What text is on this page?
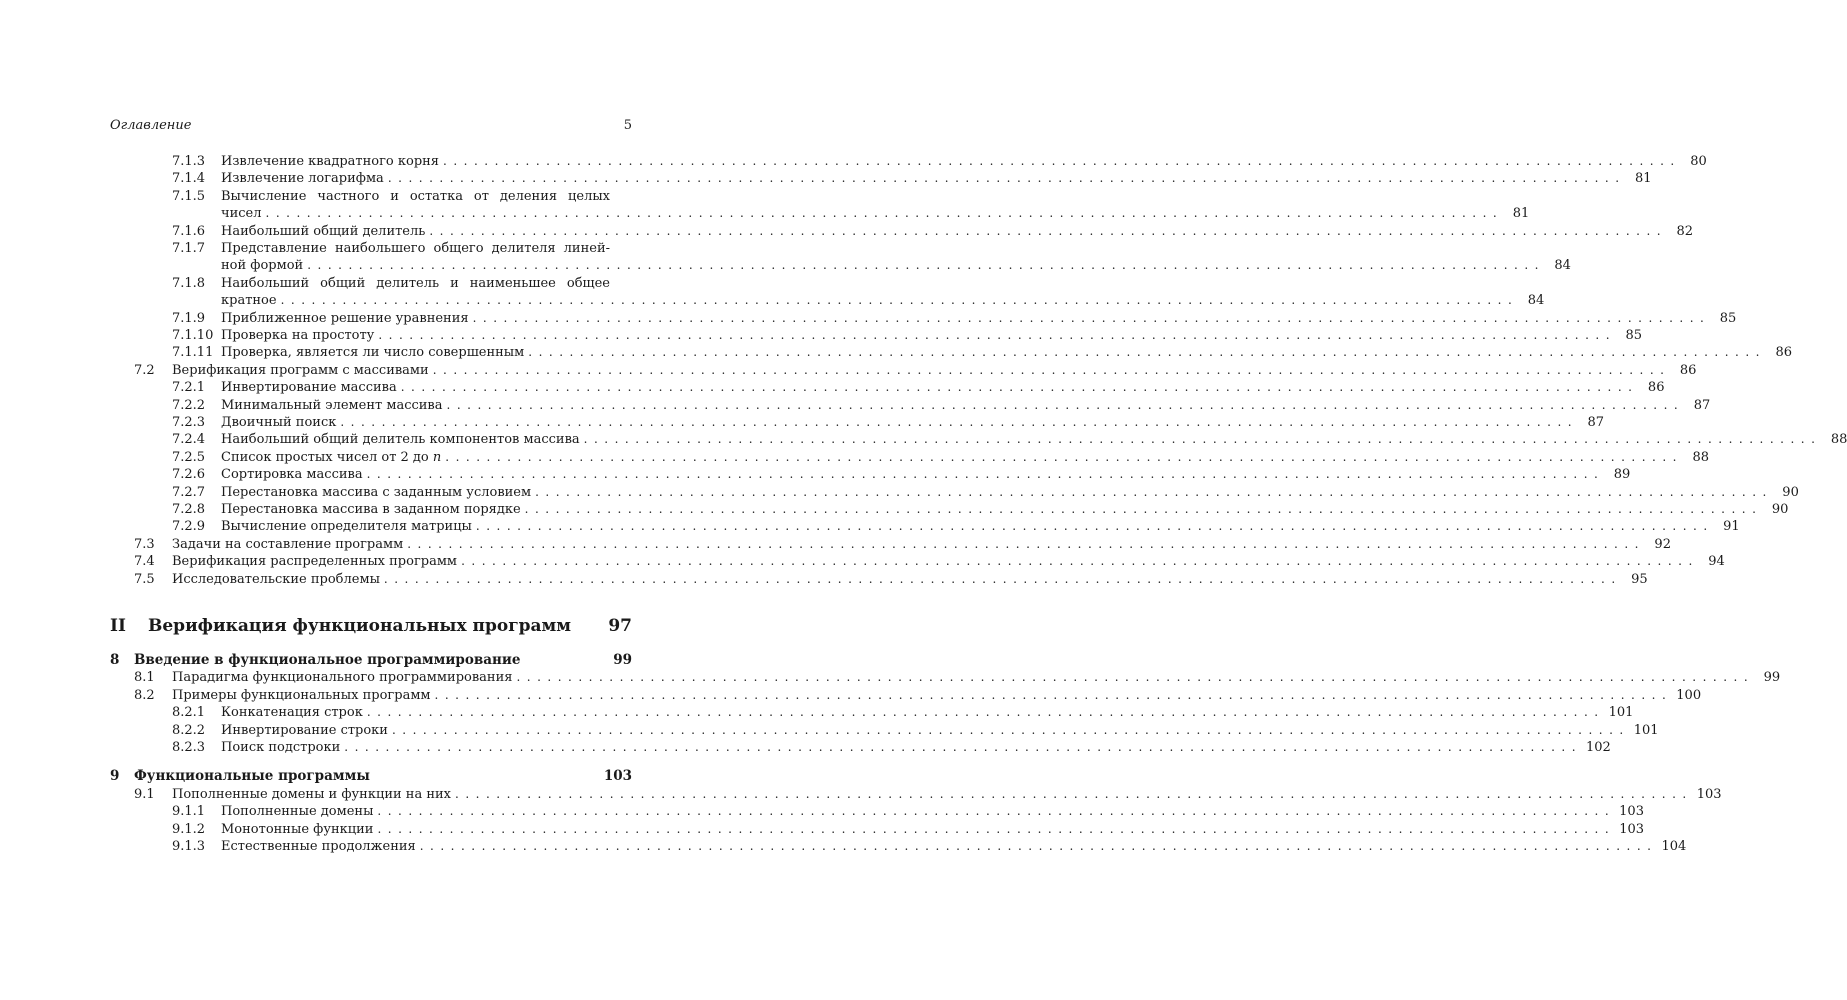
Оглавление	5
7.1.3 Извлечение квадратного корня ........................................................................................................................ 80
7.1.4 Извлечение логарифма ........................................................................................................................ 81
7.1.5 Вычисление частного и остатка от деления целых
чисел ........................................................................................................................ 81
7.1.6 Наибольший общий делитель ........................................................................................................................ 82
7.1.7 Представление наибольшего общего делителя линей-
ной формой ........................................................................................................................ 84
7.1.8 Наибольший общий делитель и наименьшее общее
кратное ........................................................................................................................ 84
7.1.9 Приближенное решение уравнения ........................................................................................................................ 85
7.1.10 Проверка на простоту ........................................................................................................................ 85
7.1.11 Проверка, является ли число совершенным ........................................................................................................................ 86
7.2 Верификация программ с массивами ........................................................................................................................ 86
7.2.1 Инвертирование массива ........................................................................................................................ 86
7.2.2 Минимальный элемент массива ........................................................................................................................ 87
7.2.3 Двоичный поиск ........................................................................................................................ 87
7.2.4 Наибольший общий делитель компонентов массива ........................................................................................................................ 88
7.2.5 Список простых чисел от 2 до n ........................................................................................................................ 88
7.2.6 Сортировка массива ........................................................................................................................ 89
7.2.7 Перестановка массива с заданным условием ........................................................................................................................ 90
7.2.8 Перестановка массива в заданном порядке ........................................................................................................................ 90
7.2.9 Вычисление определителя матрицы ........................................................................................................................ 91
7.3 Задачи на составление программ ........................................................................................................................ 92
7.4 Верификация распределенных программ ........................................................................................................................ 94
7.5 Исследовательские проблемы ........................................................................................................................ 95
II Верификация функциональных программ 97
8 Введение в функциональное программирование	99
8.1 Парадигма функционального программирования ........................................................................................................................ 99
8.2 Примеры функциональных программ ........................................................................................................................ 100
8.2.1 Конкатенация строк ........................................................................................................................ 101
8.2.2 Инвертирование строки ........................................................................................................................ 101
8.2.3 Поиск подстроки ........................................................................................................................ 102
9 Функциональные программы	103
9.1 Пополненные домены и функции на них ........................................................................................................................ 103
9.1.1 Пополненные домены ........................................................................................................................ 103
9.1.2 Монотонные функции ........................................................................................................................ 103
9.1.3 Естественные продолжения ........................................................................................................................ 104
